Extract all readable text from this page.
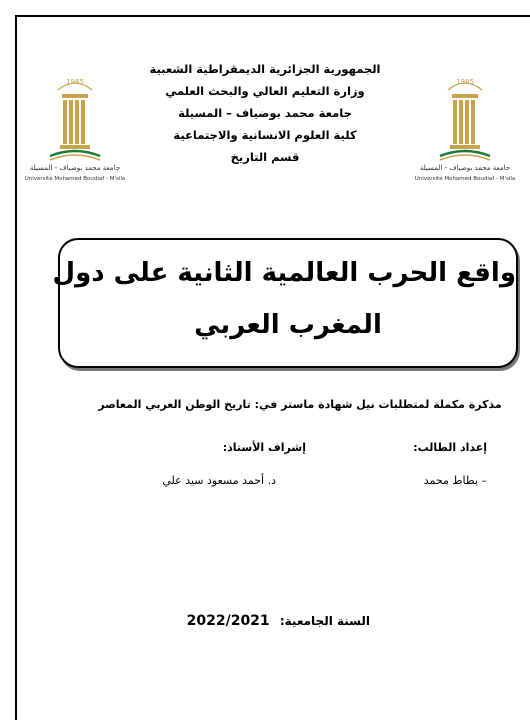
1985
جامعة محمد بوضياف - المسيلة
Université Mohamed Boudiaf - M'sila
1985
جامعة محمد بوضياف - المسيلة
Université Mohamed Boudiaf - M'sila
الجمهورية الجزائرية الديمقراطية الشعبية
وزارة التعليم العالي والبحث العلمي
جامعة محمد بوضياف – المسيلة
كلية العلوم الانسانية والاجتماعية
قسم التاريخ
واقع الحرب العالمية الثانية على دول
المغرب العربي
مذكرة مكملة لمتطلبات نيل شهادة ماستر في: تاريخ الوطن العربي المعاصر
إعداد الطالب:
إشراف الأستاذ:
– بطاط محمد
د. أحمد مسعود سيد علي
السنة الجامعية: 2022/2021
